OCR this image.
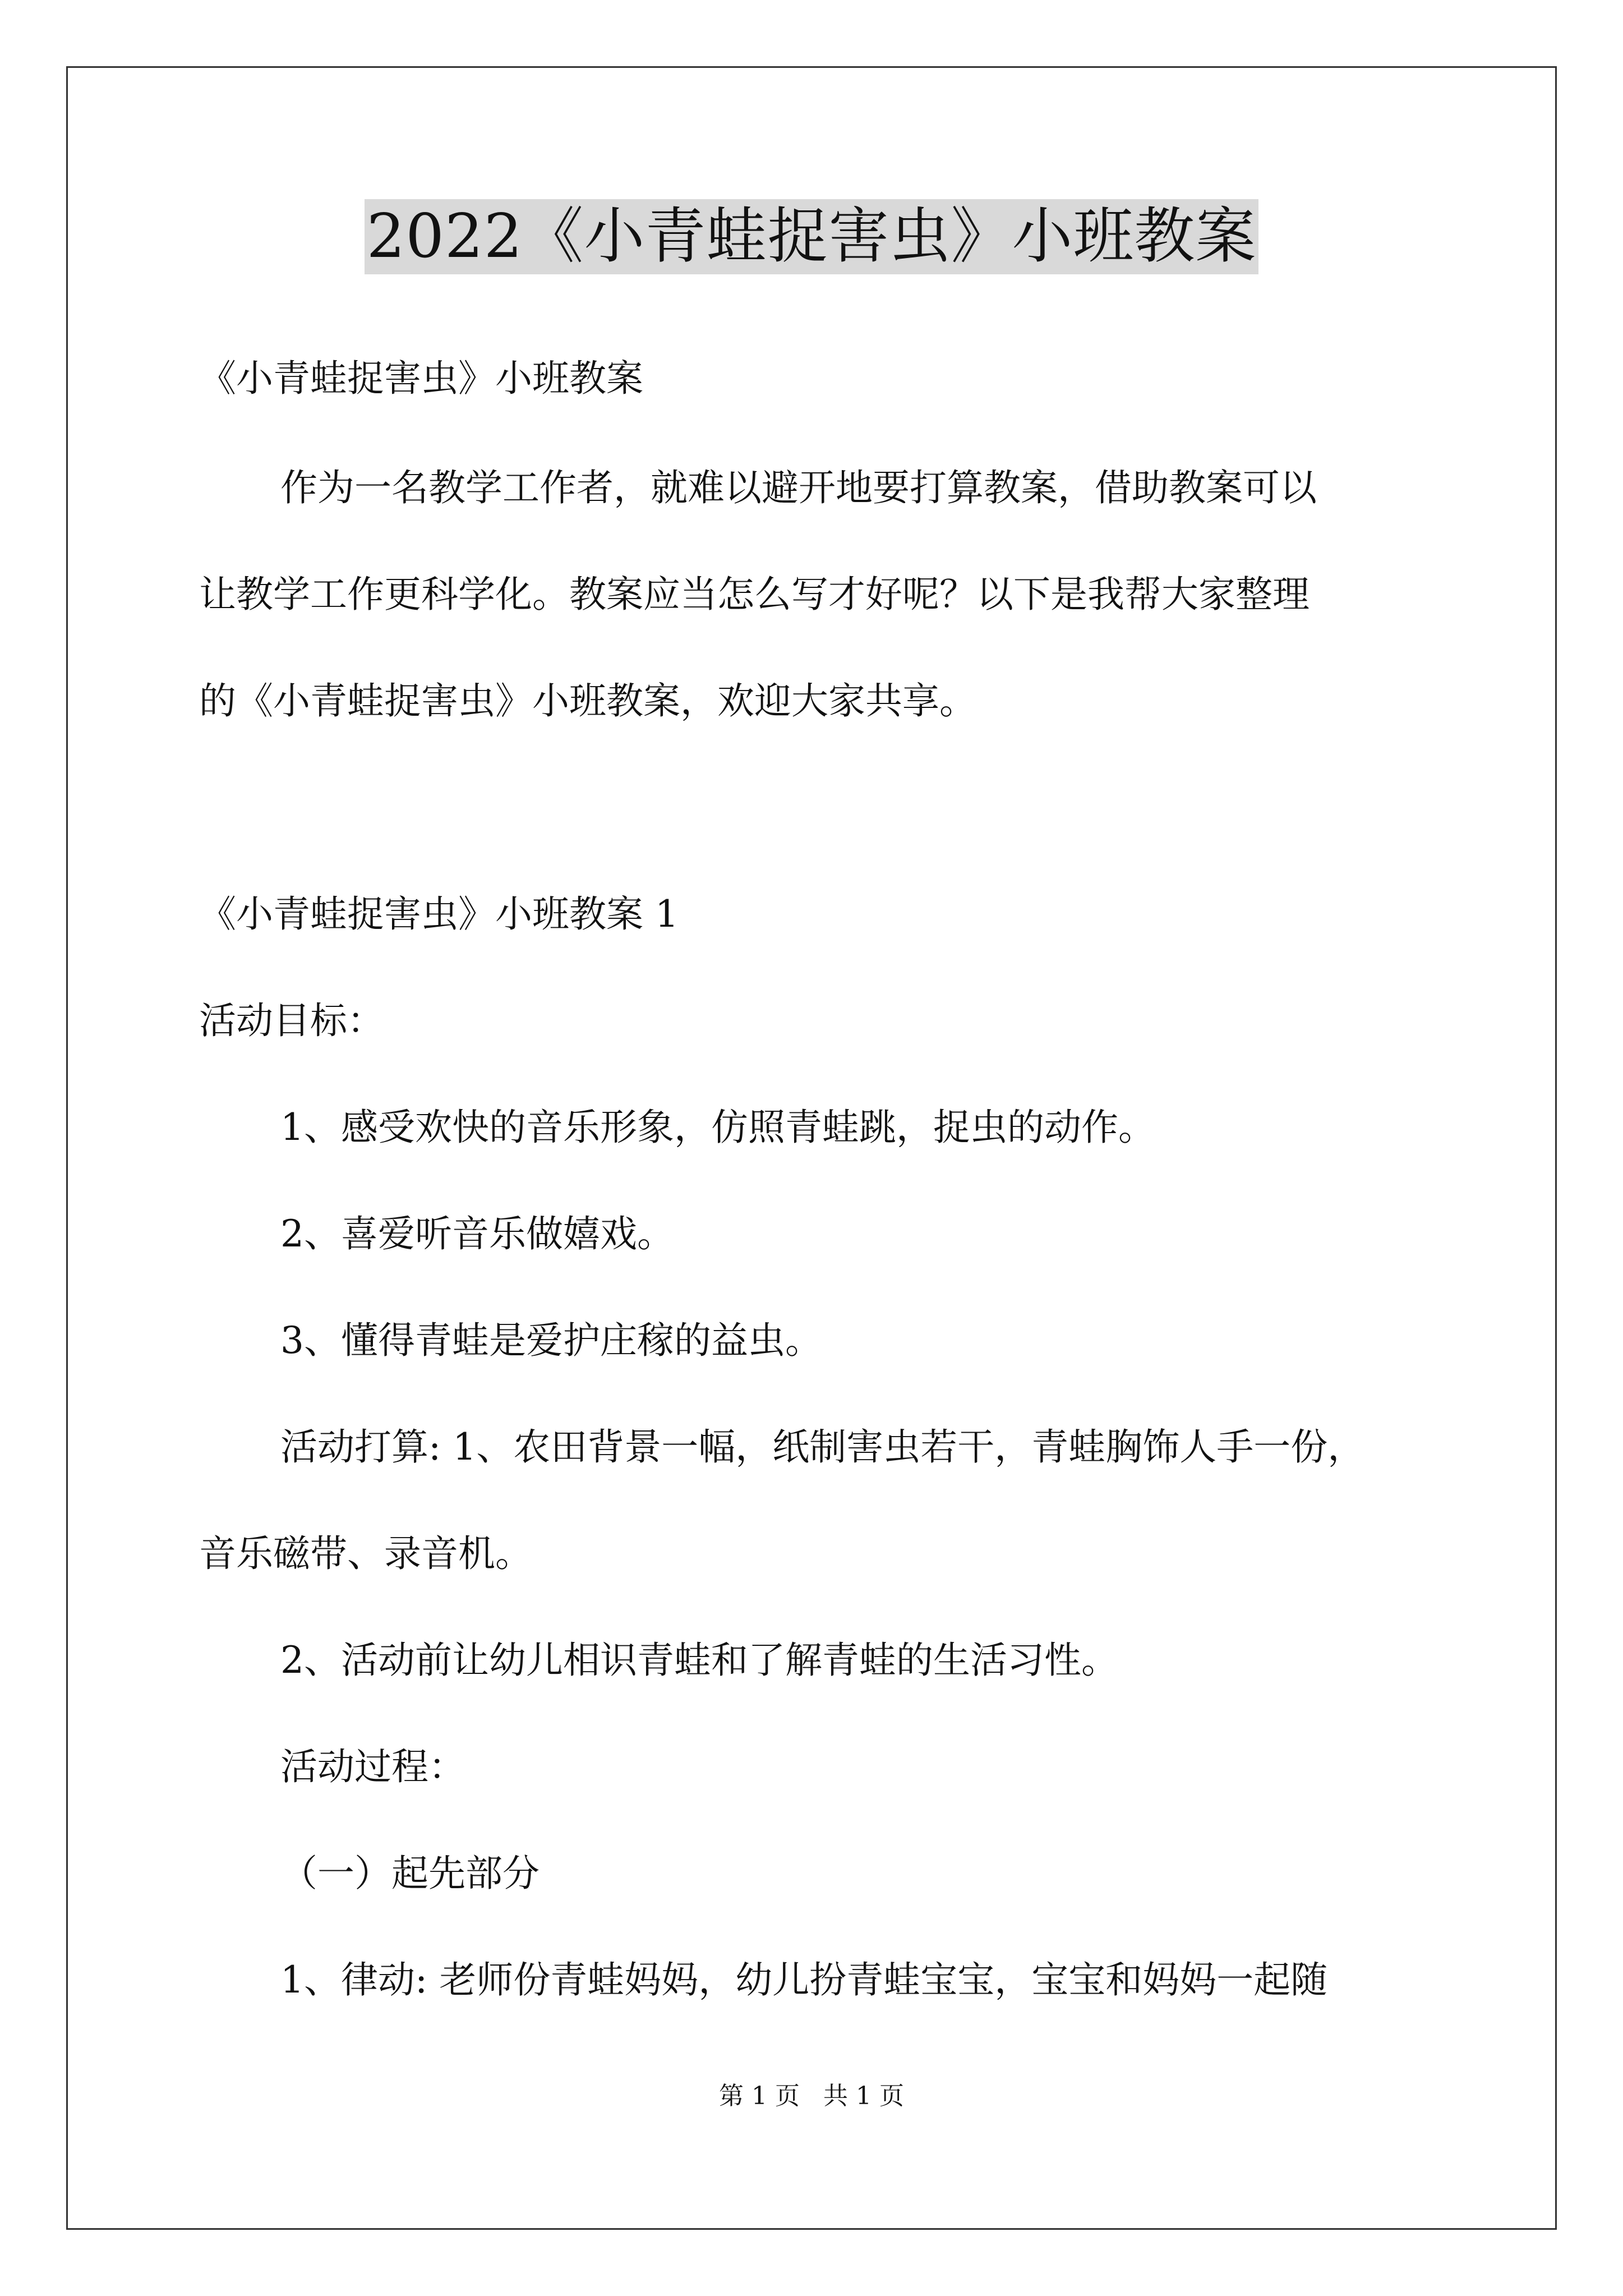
2022《小青蛙捉害虫》小班教案
《小青蛙捉害虫》小班教案
作为一名教学工作者，就难以避开地要打算教案，借助教案可以
让教学工作更科学化。教案应当怎么写才好呢？以下是我帮大家整理
的《小青蛙捉害虫》小班教案，欢迎大家共享。
《小青蛙捉害虫》小班教案 1
活动目标：
1、感受欢快的音乐形象，仿照青蛙跳，捉虫的动作。
2、喜爱听音乐做嬉戏。
3、懂得青蛙是爱护庄稼的益虫。
活动打算: 1、农田背景一幅，纸制害虫若干，青蛙胸饰人手一份，
音乐磁带、录音机。
2、活动前让幼儿相识青蛙和了解青蛙的生活习性。
活动过程：
（一）起先部分
1、律动: 老师份青蛙妈妈，幼儿扮青蛙宝宝，宝宝和妈妈一起随
第 1 页 共 1 页
